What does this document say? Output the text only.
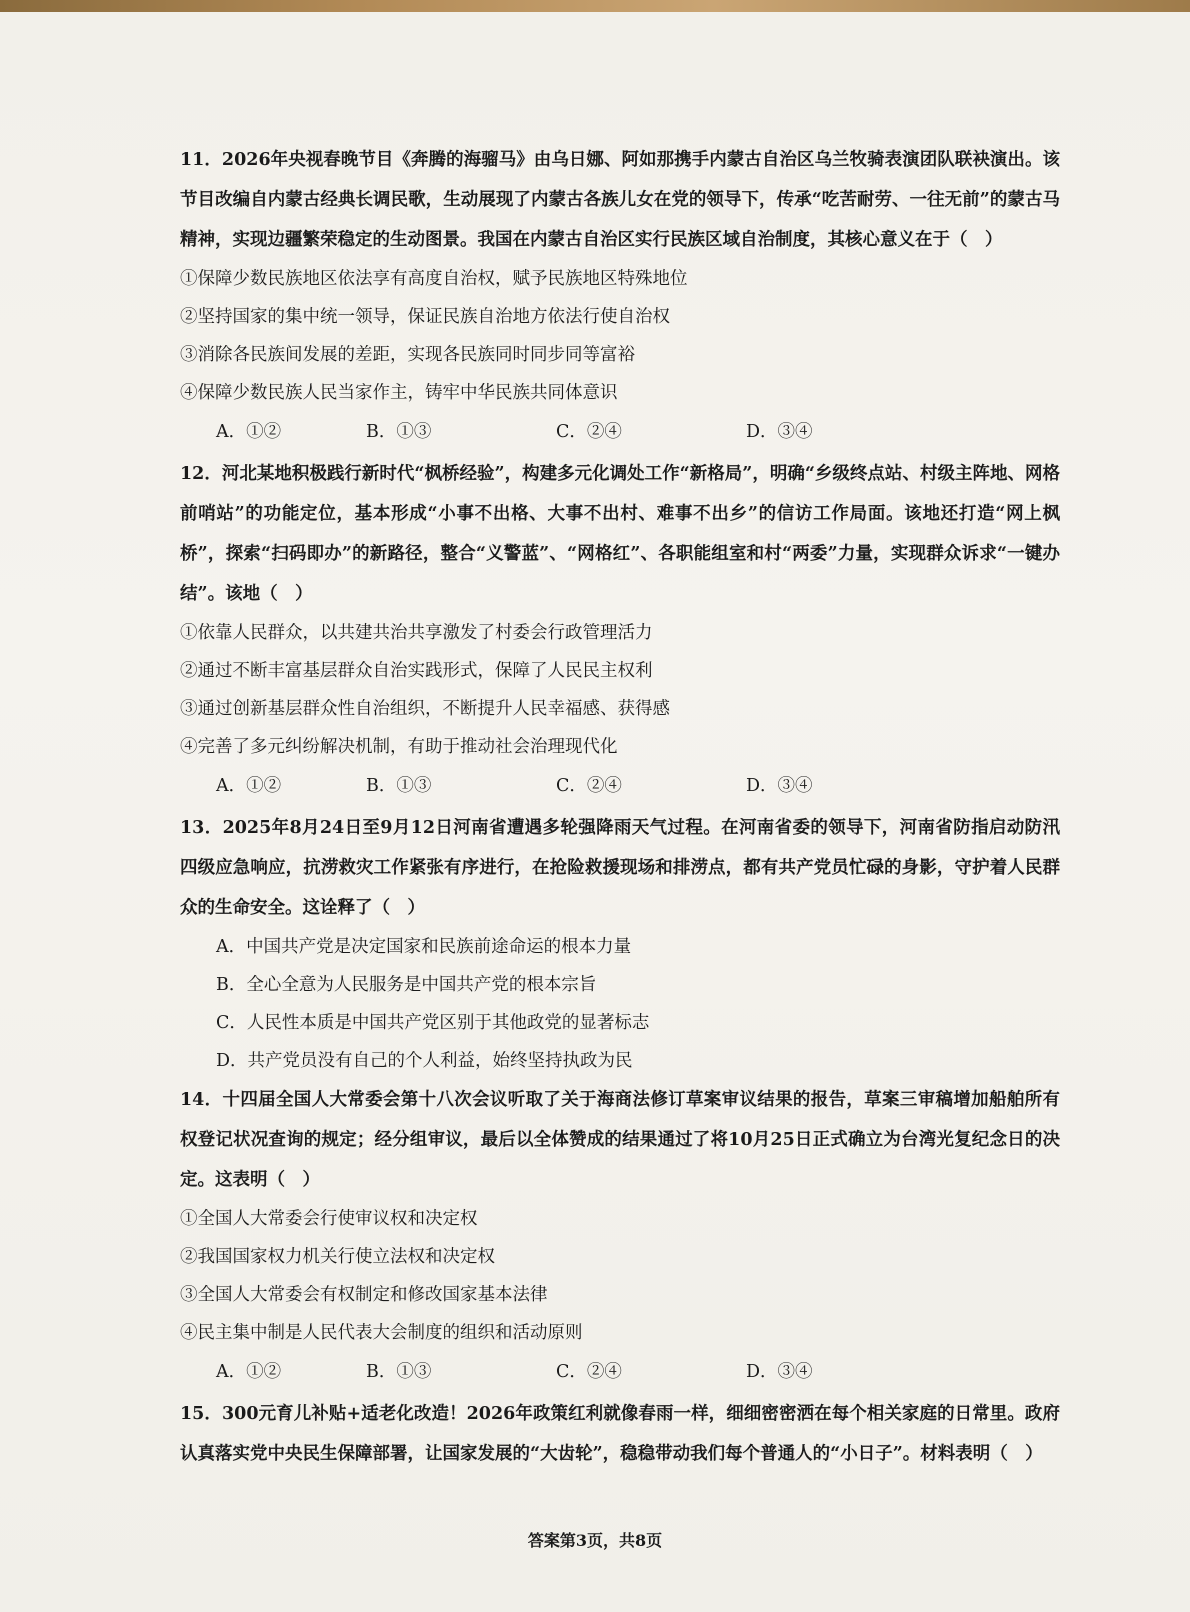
11．2026年央视春晚节目《奔腾的海骝马》由乌日娜、阿如那携手内蒙古自治区乌兰牧骑表演团队联袂演出。该节目改编自内蒙古经典长调民歌，生动展现了内蒙古各族儿女在党的领导下，传承“吃苦耐劳、一往无前”的蒙古马精神，实现边疆繁荣稳定的生动图景。我国在内蒙古自治区实行民族区域自治制度，其核心意义在于（　）

①保障少数民族地区依法享有高度自治权，赋予民族地区特殊地位

②坚持国家的集中统一领导，保证民族自治地方依法行使自治权

③消除各民族间发展的差距，实现各民族同时同步同等富裕

④保障少数民族人民当家作主，铸牢中华民族共同体意识

A．①②	B．①③	C．②④	D．③④

12．河北某地积极践行新时代“枫桥经验”，构建多元化调处工作“新格局”，明确“乡级终点站、村级主阵地、网格前哨站”的功能定位，基本形成“小事不出格、大事不出村、难事不出乡”的信访工作局面。该地还打造“网上枫桥”，探索“扫码即办”的新路径，整合“义警蓝”、“网格红”、各职能组室和村“两委”力量，实现群众诉求“一键办结”。该地（　）

①依靠人民群众，以共建共治共享激发了村委会行政管理活力

②通过不断丰富基层群众自治实践形式，保障了人民民主权利

③通过创新基层群众性自治组织，不断提升人民幸福感、获得感

④完善了多元纠纷解决机制，有助于推动社会治理现代化

A．①②	B．①③	C．②④	D．③④

13．2025年8月24日至9月12日河南省遭遇多轮强降雨天气过程。在河南省委的领导下，河南省防指启动防汛四级应急响应，抗涝救灾工作紧张有序进行，在抢险救援现场和排涝点，都有共产党员忙碌的身影，守护着人民群众的生命安全。这诠释了（　）

A．中国共产党是决定国家和民族前途命运的根本力量

B．全心全意为人民服务是中国共产党的根本宗旨

C．人民性本质是中国共产党区别于其他政党的显著标志

D．共产党员没有自己的个人利益，始终坚持执政为民

14．十四届全国人大常委会第十八次会议听取了关于海商法修订草案审议结果的报告，草案三审稿增加船舶所有权登记状况查询的规定；经分组审议，最后以全体赞成的结果通过了将10月25日正式确立为台湾光复纪念日的决定。这表明（　）

①全国人大常委会行使审议权和决定权

②我国国家权力机关行使立法权和决定权

③全国人大常委会有权制定和修改国家基本法律

④民主集中制是人民代表大会制度的组织和活动原则

A．①②	B．①③	C．②④	D．③④

15．300元育儿补贴+适老化改造！2026年政策红利就像春雨一样，细细密密洒在每个相关家庭的日常里。政府认真落实党中央民生保障部署，让国家发展的“大齿轮”，稳稳带动我们每个普通人的“小日子”。材料表明（　）

答案第3页，共8页
